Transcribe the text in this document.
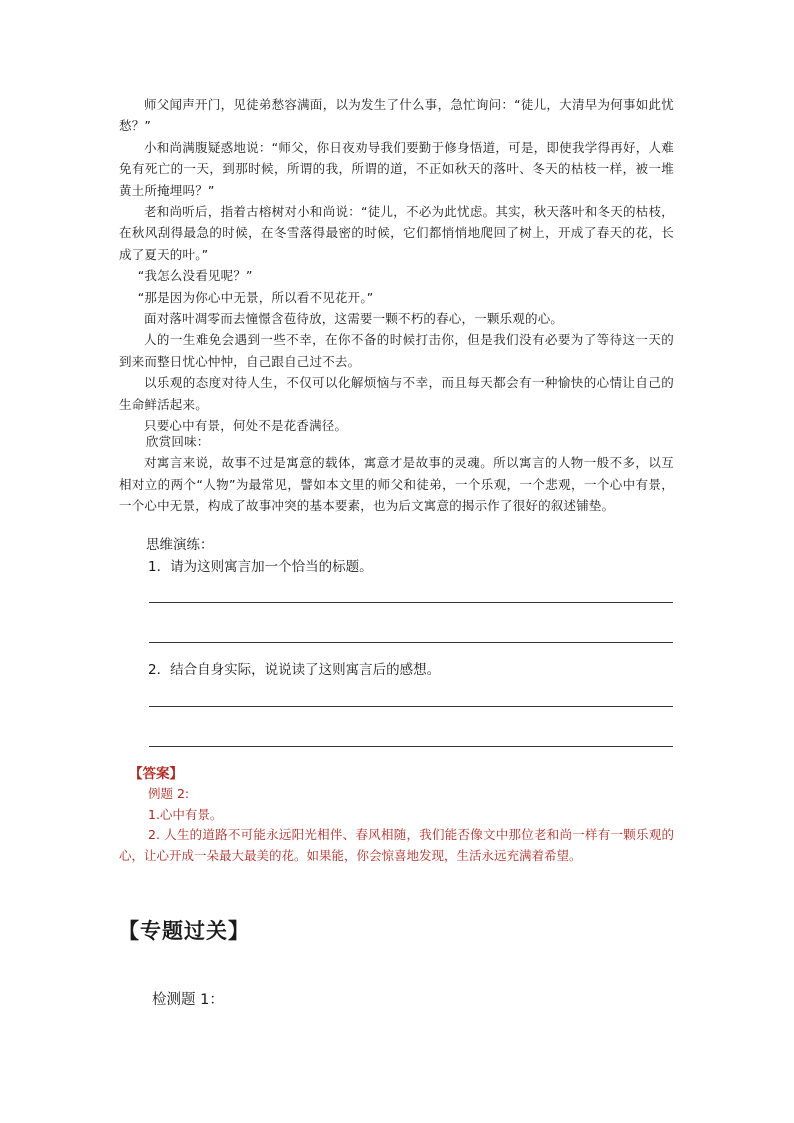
师父闻声开门，见徒弟愁容满面，以为发生了什么事，急忙询问：“徒儿，大清早为何事如此忧愁？”

小和尚满腹疑惑地说：“师父，你日夜劝导我们要勤于修身悟道，可是，即使我学得再好，人难免有死亡的一天，到那时候，所谓的我，所谓的道，不正如秋天的落叶、冬天的枯枝一样，被一堆黄土所掩埋吗？”

老和尚听后，指着古榕树对小和尚说：“徒儿，不必为此忧虑。其实，秋天落叶和冬天的枯枝，在秋风刮得最急的时候，在冬雪落得最密的时候，它们都悄悄地爬回了树上，开成了春天的花，长成了夏天的叶。”

“我怎么没看见呢？”

“那是因为你心中无景，所以看不见花开。”

面对落叶凋零而去憧憬含苞待放，这需要一颗不朽的春心，一颗乐观的心。

人的一生难免会遇到一些不幸，在你不备的时候打击你，但是我们没有必要为了等待这一天的到来而整日忧心忡忡，自己跟自己过不去。

以乐观的态度对待人生，不仅可以化解烦恼与不幸，而且每天都会有一种愉快的心情让自己的生命鲜活起来。

只要心中有景，何处不是花香满径。

欣赏回味：

对寓言来说，故事不过是寓意的载体，寓意才是故事的灵魂。所以寓言的人物一般不多，以互相对立的两个“人物”为最常见，譬如本文里的师父和徒弟，一个乐观，一个悲观，一个心中有景，一个心中无景，构成了故事冲突的基本要素，也为后文寓意的揭示作了很好的叙述铺垫。

思维演练：

1．请为这则寓言加一个恰当的标题。

2．结合自身实际，说说读了这则寓言后的感想。

【答案】

例题 2:

1.心中有景。

2. 人生的道路不可能永远阳光相伴、春风相随，我们能否像文中那位老和尚一样有一颗乐观的心，让心开成一朵最大最美的花。如果能，你会惊喜地发现，生活永远充满着希望。

【专题过关】
检测题 1：
